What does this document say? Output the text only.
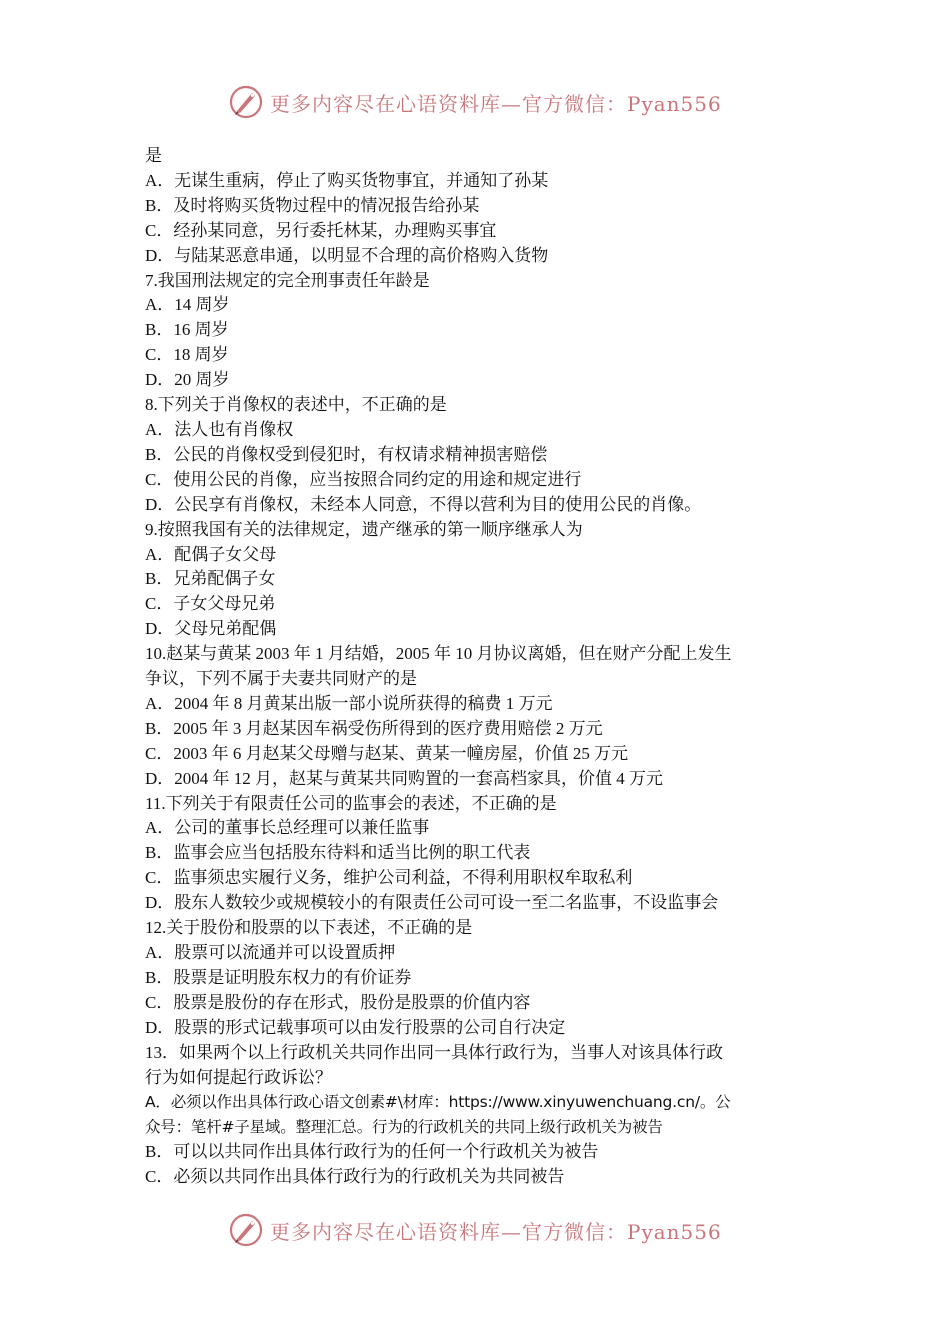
更多内容尽在心语资料库—官方微信：Pyan556
是
A．无谋生重病，停止了购买货物事宜，并通知了孙某
B．及时将购买货物过程中的情况报告给孙某
C．经孙某同意，另行委托林某，办理购买事宜
D．与陆某恶意串通，以明显不合理的高价格购入货物
7.我国刑法规定的完全刑事责任年龄是
A．14 周岁
B．16 周岁
C．18 周岁
D．20 周岁
8.下列关于肖像权的表述中，不正确的是
A．法人也有肖像权
B．公民的肖像权受到侵犯时，有权请求精神损害赔偿
C．使用公民的肖像，应当按照合同约定的用途和规定进行
D．公民享有肖像权，未经本人同意，不得以营利为目的使用公民的肖像。
9.按照我国有关的法律规定，遗产继承的第一顺序继承人为
A．配偶子女父母
B．兄弟配偶子女
C．子女父母兄弟
D．父母兄弟配偶
10.赵某与黄某 2003 年 1 月结婚，2005 年 10 月协议离婚，但在财产分配上发生
争议，下列不属于夫妻共同财产的是
A．2004 年 8 月黄某出版一部小说所获得的稿费 1 万元
B．2005 年 3 月赵某因车祸受伤所得到的医疗费用赔偿 2 万元
C．2003 年 6 月赵某父母赠与赵某、黄某一幢房屋，价值 25 万元
D．2004 年 12 月，赵某与黄某共同购置的一套高档家具，价值 4 万元
11.下列关于有限责任公司的监事会的表述，不正确的是
A．公司的董事长总经理可以兼任监事
B．监事会应当包括股东待料和适当比例的职工代表
C．监事须忠实履行义务，维护公司利益，不得利用职权牟取私利
D．股东人数较少或规模较小的有限责任公司可设一至二名监事，不设监事会
12.关于股份和股票的以下表述，不正确的是
A．股票可以流通并可以设置质押
B．股票是证明股东权力的有价证券
C．股票是股份的存在形式，股份是股票的价值内容
D．股票的形式记载事项可以由发行股票的公司自行决定
13．如果两个以上行政机关共同作出同一具体行政行为，当事人对该具体行政
行为如何提起行政诉讼？
A．必须以作出具体行政心语文创素#\材库：https://www.xinyuwenchuang.cn/。公
众号：笔杆#子星域。整理汇总。行为的行政机关的共同上级行政机关为被告
B．可以以共同作出具体行政行为的任何一个行政机关为被告
C．必须以共同作出具体行政行为的行政机关为共同被告
更多内容尽在心语资料库—官方微信：Pyan556
